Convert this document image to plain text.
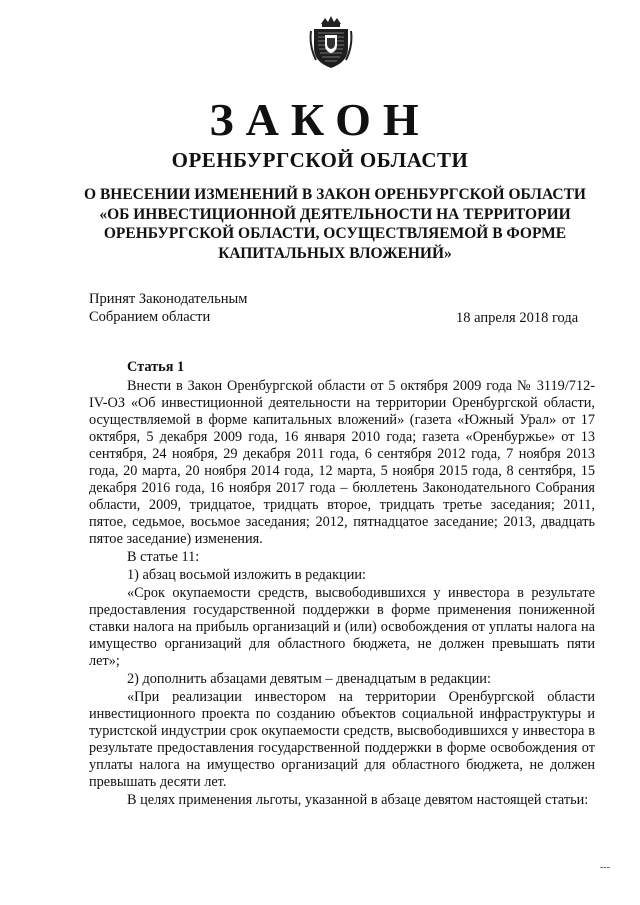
ЗАКОН
ОРЕНБУРГСКОЙ ОБЛАСТИ
О ВНЕСЕНИИ ИЗМЕНЕНИЙ В ЗАКОН ОРЕНБУРГСКОЙ ОБЛАСТИ
«ОБ ИНВЕСТИЦИОННОЙ ДЕЯТЕЛЬНОСТИ НА ТЕРРИТОРИИ
ОРЕНБУРГСКОЙ ОБЛАСТИ, ОСУЩЕСТВЛЯЕМОЙ В ФОРМЕ
КАПИТАЛЬНЫХ ВЛОЖЕНИЙ»
Принят Законодательным
Собранием области	18 апреля 2018 года
Статья 1

Внести в Закон Оренбургской области от 5 октября 2009 года № 3119/712-IV-ОЗ «Об инвестиционной деятельности на территории Оренбургской области, осуществляемой в форме капитальных вложений» (газета «Южный Урал» от 17 октября, 5 декабря 2009 года, 16 января 2010 года; газета «Оренбуржье» от 13 сентября, 24 ноября, 29 декабря 2011 года, 6 сентября 2012 года, 7 ноября 2013 года, 20 марта, 20 ноября 2014 года, 12 марта, 5 ноября 2015 года, 8 сентября, 15 декабря 2016 года, 16 ноября 2017 года – бюллетень Законодательного Собрания области, 2009, тридцатое, тридцать второе, тридцать третье заседания; 2011, пятое, седьмое, восьмое заседания; 2012, пятнадцатое заседание; 2013, двадцать пятое заседание) изменения.

В статье 11:

1) абзац восьмой изложить в редакции:

«Срок окупаемости средств, высвободившихся у инвестора в результате предоставления государственной поддержки в форме применения пониженной ставки налога на прибыль организаций и (или) освобождения от уплаты налога на имущество организаций для областного бюджета, не должен превышать пяти лет»;

2) дополнить абзацами девятым – двенадцатым в редакции:

«При реализации инвестором на территории Оренбургской области инвестиционного проекта по созданию объектов социальной инфраструктуры и туристской индустрии срок окупаемости средств, высвободившихся у инвестора в результате предоставления государственной поддержки в форме освобождения от уплаты налога на имущество организаций для областного бюджета, не должен превышать десяти лет.

В целях применения льготы, указанной в абзаце девятом настоящей статьи:

---
